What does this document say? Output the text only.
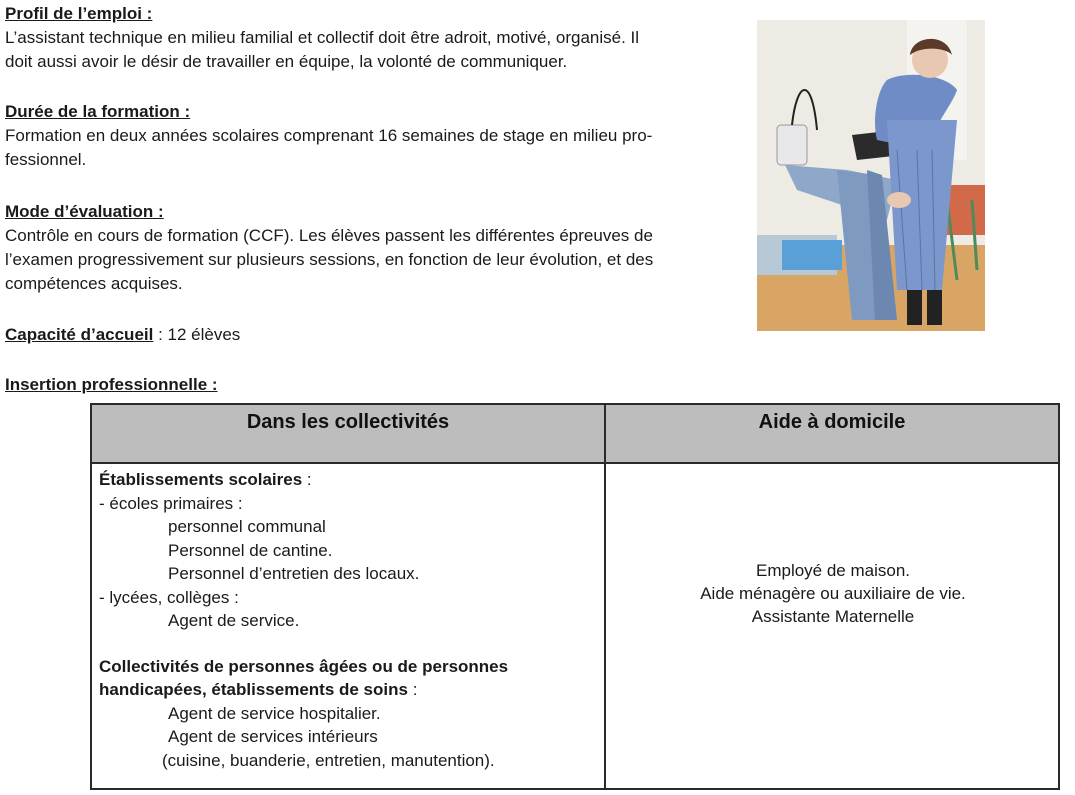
Profil de l’emploi :
L’assistant technique en milieu familial et collectif doit être adroit, motivé, organisé. Il
doit aussi avoir le désir de travailler en équipe, la volonté de communiquer.
Durée de la formation :
Formation en deux années scolaires comprenant 16 semaines de stage en milieu pro-
fessionnel.
Mode d’évaluation :
Contrôle en cours de formation (CCF). Les élèves passent les différentes épreuves de
l’examen progressivement sur plusieurs sessions, en fonction de leur évolution, et des
compétences acquises.
Capacité d’accueil : 12 élèves
Insertion professionnelle :
Dans les collectivités	Aide à domicile
Établissements scolaires :
- écoles primaires :
personnel communal
Personnel de cantine.
Personnel d’entretien des locaux.
- lycées, collèges :
Agent de service.
Collectivités de personnes âgées ou de personnes
handicapées, établissements de soins :
Agent de service hospitalier.
Agent de services intérieurs
(cuisine, buanderie, entretien, manutention).
Employé de maison.
Aide ménagère ou auxiliaire de vie.
Assistante Maternelle
